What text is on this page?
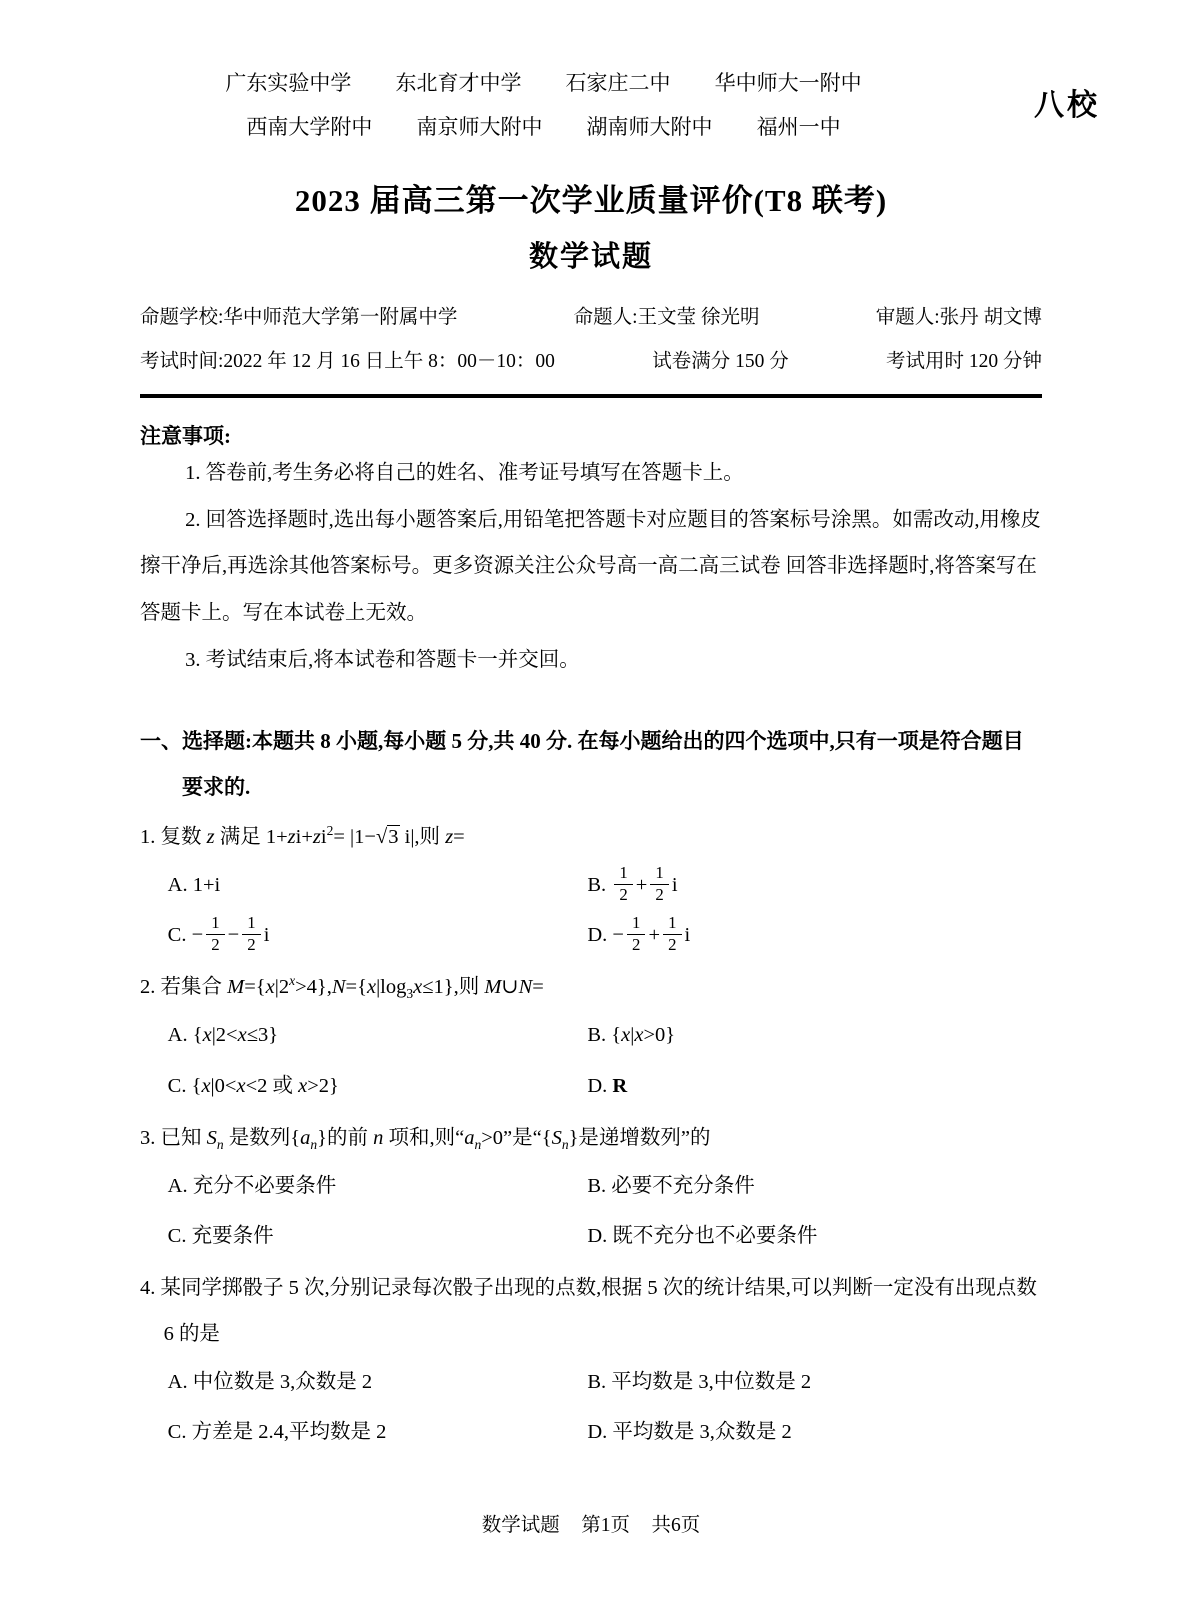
广东实验中学 东北育才中学 石家庄二中 华中师大一附中
西南大学附中 南京师大附中 湖南师大附中 福州一中
八校
2023 届高三第一次学业质量评价(T8 联考)
数学试题
命题学校:华中师范大学第一附属中学	命题人:王文莹 徐光明	审题人:张丹 胡文博
考试时间:2022 年 12 月 16 日上午 8：00－10：00	试卷满分 150 分	考试用时 120 分钟
注意事项:

1. 答卷前,考生务必将自己的姓名、准考证号填写在答题卡上。

2. 回答选择题时,选出每小题答案后,用铅笔把答题卡对应题目的答案标号涂黑。如需改动,用橡皮擦干净后,再选涂其他答案标号。更多资源关注公众号高一高二高三试卷 回答非选择题时,将答案写在答题卡上。写在本试卷上无效。

3. 考试结束后,将本试卷和答题卡一并交回。

一、选择题:本题共 8 小题,每小题 5 分,共 40 分. 在每小题给出的四个选项中,只有一项是符合题目要求的.

1. 复数 z 满足 $1+zi+zi^2= |1-√3$ i|,则 z=

A. 1+i	B. $\frac{1}{2} + \frac{1}{2}$ i
C. − $\frac{1}{2} - \frac{1}{2}$ i	D. − $\frac{1}{2} + \frac{1}{2}$ i

2. 若集合 $M=\{x|2^x>4\},N=\{x|\log_3x\le 1\}$,则 M∪N=

A. {x|2<x≤3}	B. {x|x>0}
C. {x|0<x<2 或 x>2}	D. R

3. 已知 $S_n$ 是数列$\{a_n\}$的前 n 项和,则“$a_n>0$”是“$\{S_n\}$是递增数列”的

A. 充分不必要条件	B. 必要不充分条件
C. 充要条件	D. 既不充分也不必要条件

4. 某同学掷骰子 5 次,分别记录每次骰子出现的点数,根据 5 次的统计结果,可以判断一定没有出现点数 6 的是

A. 中位数是 3,众数是 2	B. 平均数是 3,中位数是 2
C. 方差是 2.4,平均数是 2	D. 平均数是 3,众数是 2
数学试题 第1页 共6页
